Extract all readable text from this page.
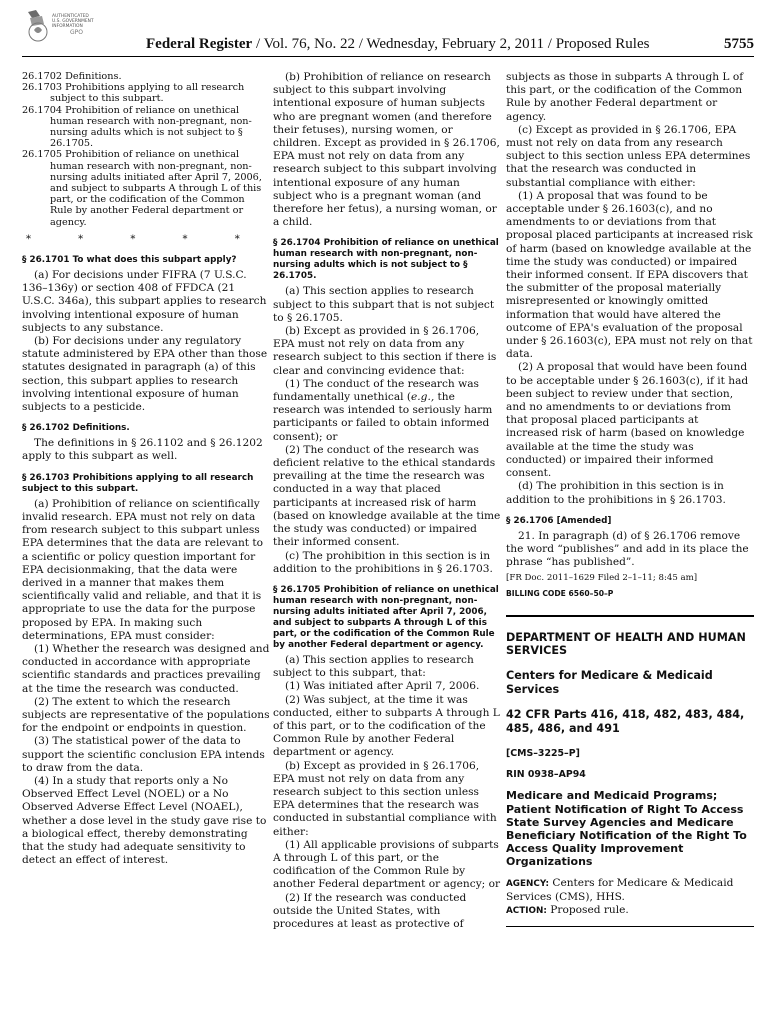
AUTHENTICATED
U.S. GOVERNMENT
INFORMATION
GPO
Federal Register / Vol. 76, No. 22 / Wednesday, February 2, 2011 / Proposed Rules	5755
26.1702 Definitions.
26.1703 Prohibitions applying to all research subject to this subpart.
26.1704 Prohibition of reliance on unethical human research with non-pregnant, non-nursing adults which is not subject to § 26.1705.
26.1705 Prohibition of reliance on unethical human research with non-pregnant, non-nursing adults initiated after April 7, 2006, and subject to subparts A through L of this part, or the codification of the Common Rule by another Federal department or agency.
* * * * *

§ 26.1701 To what does this subpart apply?

(a) For decisions under FIFRA (7 U.S.C. 136–136y) or section 408 of FFDCA (21 U.S.C. 346a), this subpart applies to research involving intentional exposure of human subjects to any substance.

(b) For decisions under any regulatory statute administered by EPA other than those statutes designated in paragraph (a) of this section, this subpart applies to research involving intentional exposure of human subjects to a pesticide.

§ 26.1702 Definitions.

The definitions in § 26.1102 and § 26.1202 apply to this subpart as well.

§ 26.1703 Prohibitions applying to all research subject to this subpart.

(a) Prohibition of reliance on scientifically invalid research. EPA must not rely on data from research subject to this subpart unless EPA determines that the data are relevant to a scientific or policy question important for EPA decisionmaking, that the data were derived in a manner that makes them scientifically valid and reliable, and that it is appropriate to use the data for the purpose proposed by EPA. In making such determinations, EPA must consider:

(1) Whether the research was designed and conducted in accordance with appropriate scientific standards and practices prevailing at the time the research was conducted.

(2) The extent to which the research subjects are representative of the populations for the endpoint or endpoints in question.

(3) The statistical power of the data to support the scientific conclusion EPA intends to draw from the data.

(4) In a study that reports only a No Observed Effect Level (NOEL) or a No Observed Adverse Effect Level (NOAEL), whether a dose level in the study gave rise to a biological effect, thereby demonstrating that the study had adequate sensitivity to detect an effect of interest.

(b) Prohibition of reliance on research subject to this subpart involving intentional exposure of human subjects who are pregnant women (and therefore their fetuses), nursing women, or children. Except as provided in § 26.1706, EPA must not rely on data from any research subject to this subpart involving intentional exposure of any human subject who is a pregnant woman (and therefore her fetus), a nursing woman, or a child.

§ 26.1704 Prohibition of reliance on unethical human research with non-pregnant, non-nursing adults which is not subject to § 26.1705.

(a) This section applies to research subject to this subpart that is not subject to § 26.1705.

(b) Except as provided in § 26.1706, EPA must not rely on data from any research subject to this section if there is clear and convincing evidence that:

(1) The conduct of the research was fundamentally unethical (e.g., the research was intended to seriously harm participants or failed to obtain informed consent); or

(2) The conduct of the research was deficient relative to the ethical standards prevailing at the time the research was conducted in a way that placed participants at increased risk of harm (based on knowledge available at the time the study was conducted) or impaired their informed consent.

(c) The prohibition in this section is in addition to the prohibitions in § 26.1703.

§ 26.1705 Prohibition of reliance on unethical human research with non-pregnant, non-nursing adults initiated after April 7, 2006, and subject to subparts A through L of this part, or the codification of the Common Rule by another Federal department or agency.

(a) This section applies to research subject to this subpart, that:

(1) Was initiated after April 7, 2006.

(2) Was subject, at the time it was conducted, either to subparts A through L of this part, or to the codification of the Common Rule by another Federal department or agency.

(b) Except as provided in § 26.1706, EPA must not rely on data from any research subject to this section unless EPA determines that the research was conducted in substantial compliance with either:

(1) All applicable provisions of subparts A through L of this part, or the codification of the Common Rule by another Federal department or agency; or

(2) If the research was conducted outside the United States, with procedures at least as protective of

subjects as those in subparts A through L of this part, or the codification of the Common Rule by another Federal department or agency.

(c) Except as provided in § 26.1706, EPA must not rely on data from any research subject to this section unless EPA determines that the research was conducted in substantial compliance with either:

(1) A proposal that was found to be acceptable under § 26.1603(c), and no amendments to or deviations from that proposal placed participants at increased risk of harm (based on knowledge available at the time the study was conducted) or impaired their informed consent. If EPA discovers that the submitter of the proposal materially misrepresented or knowingly omitted information that would have altered the outcome of EPA's evaluation of the proposal under § 26.1603(c), EPA must not rely on that data.

(2) A proposal that would have been found to be acceptable under § 26.1603(c), if it had been subject to review under that section, and no amendments to or deviations from that proposal placed participants at increased risk of harm (based on knowledge available at the time the study was conducted) or impaired their informed consent.

(d) The prohibition in this section is in addition to the prohibitions in § 26.1703.

§ 26.1706 [Amended]

21. In paragraph (d) of § 26.1706 remove the word “publishes” and add in its place the phrase “has published”.

[FR Doc. 2011–1629 Filed 2–1–11; 8:45 am]

BILLING CODE 6560–50–P
DEPARTMENT OF HEALTH AND HUMAN SERVICES
Centers for Medicare & Medicaid Services
42 CFR Parts 416, 418, 482, 483, 484, 485, 486, and 491
[CMS–3225–P]
RIN 0938–AP94
Medicare and Medicaid Programs; Patient Notification of Right To Access State Survey Agencies and Medicare Beneficiary Notification of the Right To Access Quality Improvement Organizations

AGENCY: Centers for Medicare & Medicaid Services (CMS), HHS.

ACTION: Proposed rule.
